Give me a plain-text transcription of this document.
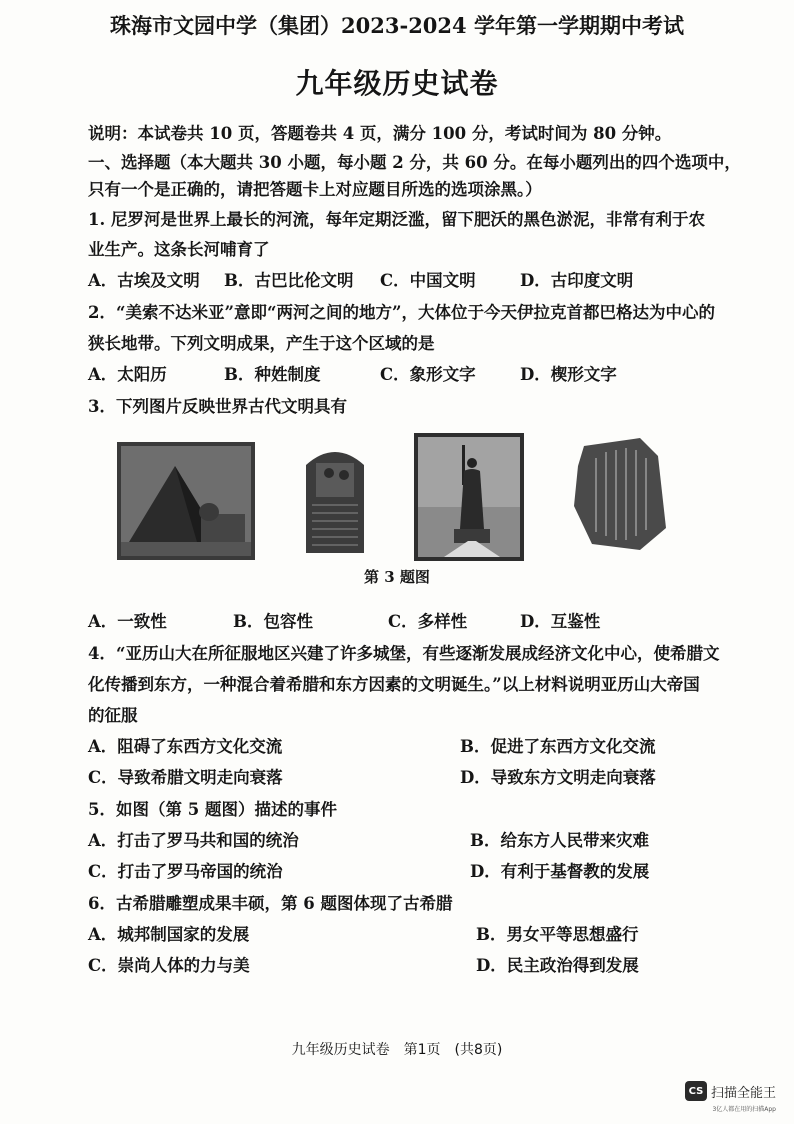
珠海市文园中学（集团）2023-2024 学年第一学期期中考试
九年级历史试卷
说明：本试卷共 10 页，答题卷共 4 页，满分 100 分，考试时间为 80 分钟。
一、选择题（本大题共 30 小题，每小题 2 分，共 60 分。在每小题列出的四个选项中，
只有一个是正确的，请把答题卡上对应题目所选的选项涂黑。）
1. 尼罗河是世界上最长的河流，每年定期泛滥，留下肥沃的黑色淤泥，非常有利于农
业生产。这条长河哺育了
A．古埃及文明 B．古巴比伦文明 C．中国文明	D．古印度文明
2．“美索不达米亚”意即“两河之间的地方”，大体位于今天伊拉克首都巴格达为中心的
狭长地带。下列文明成果，产生于这个区域的是
A．太阳历	B．种姓制度	C．象形文字	D．楔形文字
3．下列图片反映世界古代文明具有
第 3 题图
A．一致性	B．包容性	C．多样性	D．互鉴性
4．“亚历山大在所征服地区兴建了许多城堡，有些逐渐发展成经济文化中心，使希腊文
化传播到东方，一种混合着希腊和东方因素的文明诞生。”以上材料说明亚历山大帝国
的征服
A．阻碍了东西方文化交流	B．促进了东西方文化交流
C．导致希腊文明走向衰落	D．导致东方文明走向衰落
5．如图（第 5 题图）描述的事件
A．打击了罗马共和国的统治	B．给东方人民带来灾难
C．打击了罗马帝国的统治	D．有利于基督教的发展
6．古希腊雕塑成果丰硕，第 6 题图体现了古希腊
A．城邦制国家的发展	B．男女平等思想盛行
C．崇尚人体的力与美	D．民主政治得到发展
九年级历史试卷　第1页　(共8页)
CS 扫描全能王
3亿人都在用的扫描App
